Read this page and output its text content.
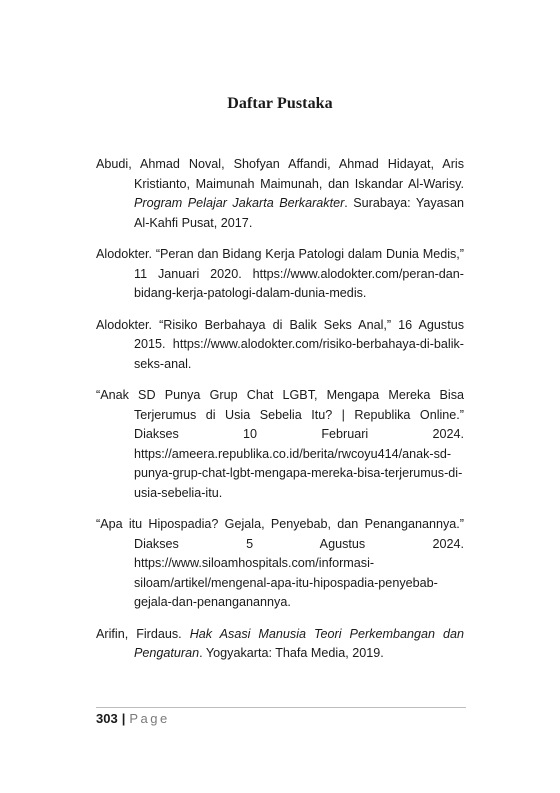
Daftar Pustaka

Abudi, Ahmad Noval, Shofyan Affandi, Ahmad Hidayat, Aris Kristianto, Maimunah Maimunah, dan Iskandar Al-Warisy. Program Pelajar Jakarta Berkarakter. Surabaya: Yayasan Al-Kahfi Pusat, 2017.

Alodokter. “Peran dan Bidang Kerja Patologi dalam Dunia Medis,” 11 Januari 2020. https://www.alodokter.com/peran-dan-bidang-kerja-patologi-dalam-dunia-medis.

Alodokter. “Risiko Berbahaya di Balik Seks Anal,” 16 Agustus 2015. https://www.alodokter.com/risiko-berbahaya-di-balik-seks-anal.

“Anak SD Punya Grup Chat LGBT, Mengapa Mereka Bisa Terjerumus di Usia Sebelia Itu? | Republika Online.” Diakses 10 Februari 2024. https://ameera.republika.co.id/berita/rwcoyu414/anak-sd-punya-grup-chat-lgbt-mengapa-mereka-bisa-terjerumus-di-usia-sebelia-itu.

“Apa itu Hipospadia? Gejala, Penyebab, dan Penanganannya.” Diakses 5 Agustus 2024. https://www.siloamhospitals.com/informasi-siloam/artikel/mengenal-apa-itu-hipospadia-penyebab-gejala-dan-penanganannya.

Arifin, Firdaus. Hak Asasi Manusia Teori Perkembangan dan Pengaturan. Yogyakarta: Thafa Media, 2019.

303 | Page
